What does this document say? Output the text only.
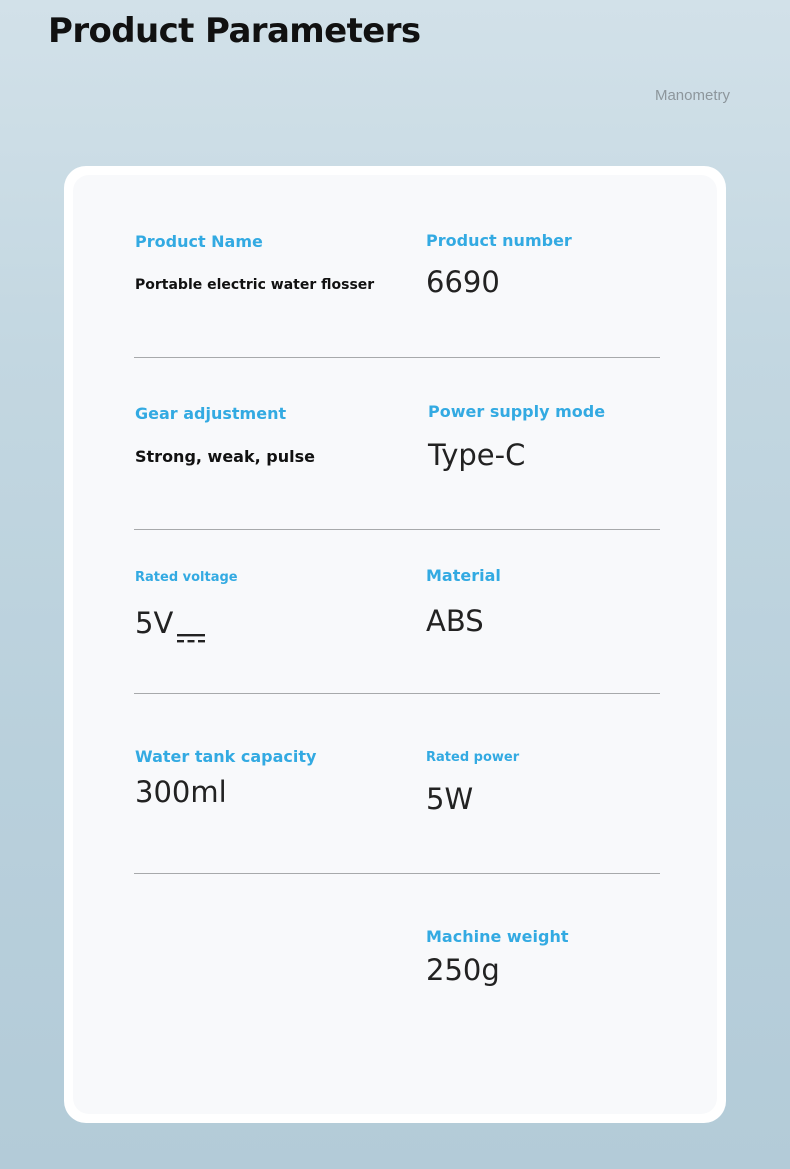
Product Parameters
Manometry
Product Name
Portable electric water flosser
Product number
6690
Gear adjustment
Strong, weak, pulse
Power supply mode
Type-C
Rated voltage
5V
Material
ABS
Water tank capacity
300ml
Rated power
5W
Machine weight
250g
